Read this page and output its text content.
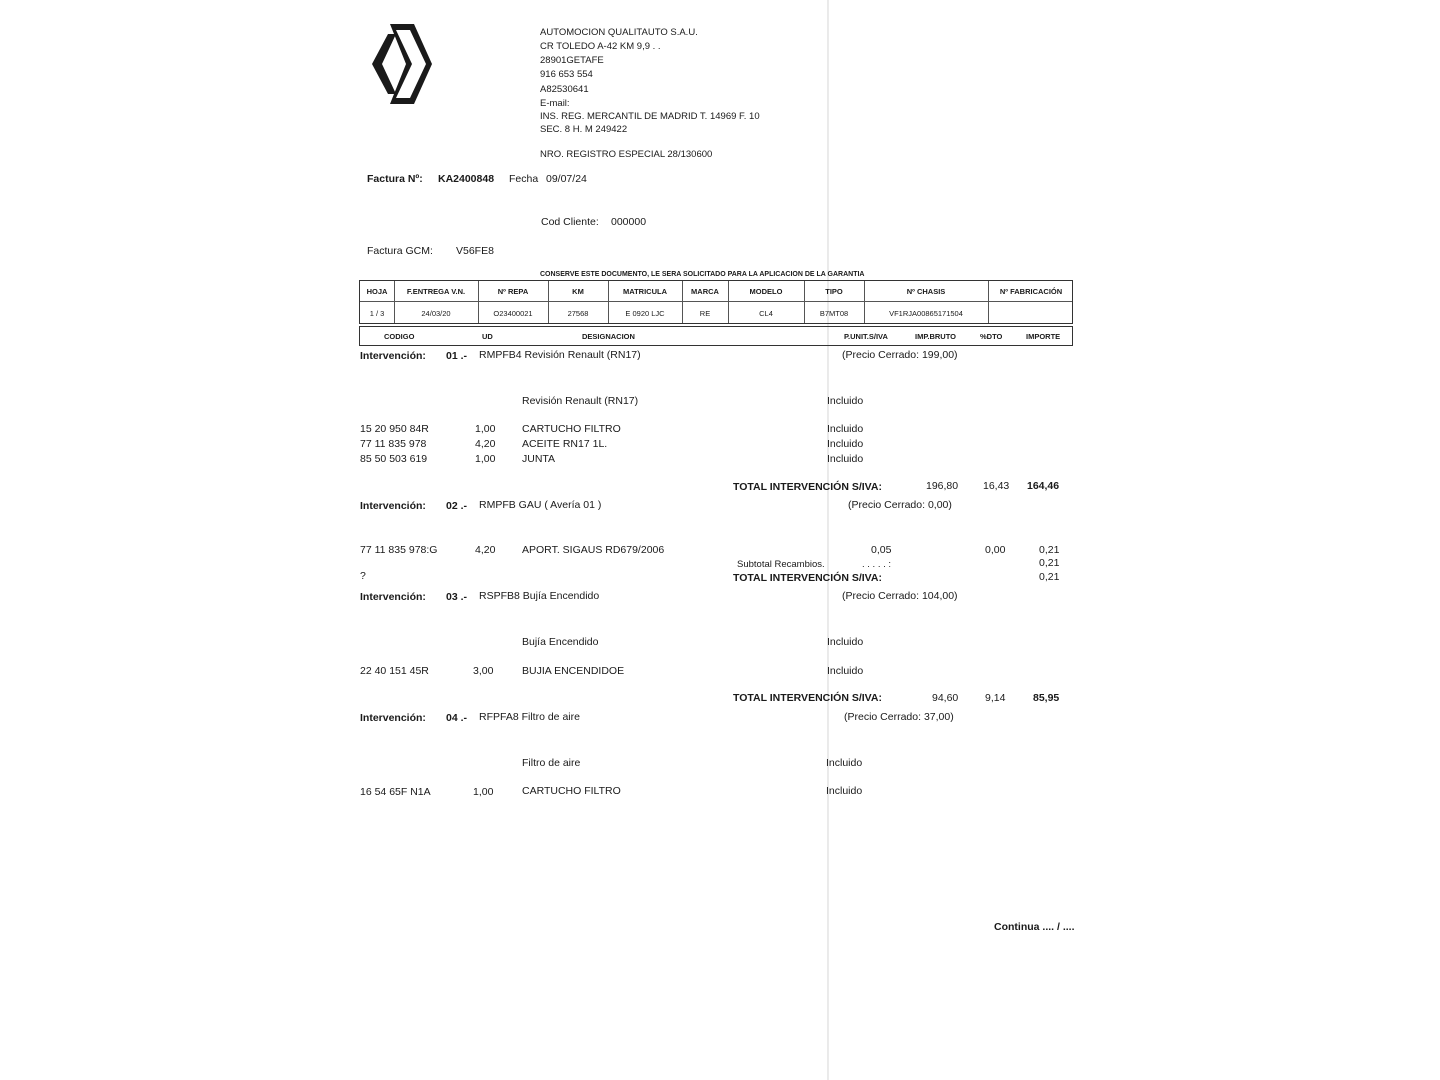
AUTOMOCION QUALITAUTO S.A.U.
CR TOLEDO A-42 KM 9,9 . .
28901GETAFE
916 653 554
A82530641
E-mail:
INS. REG. MERCANTIL DE MADRID T. 14969 F. 10
SEC. 8 H. M 249422
NRO. REGISTRO ESPECIAL 28/130600
Factura Nº: KA2400848 Fecha 09/07/24
Cod Cliente: 000000
Factura GCM: V56FE8
CONSERVE ESTE DOCUMENTO, LE SERA SOLICITADO PARA LA APLICACION DE LA GARANTIA
HOJA	F.ENTREGA V.N.	Nº REPA	KM	MATRICULA	MARCA	MODELO	TIPO	Nº CHASIS	Nº FABRICACIÓN
1 / 3	24/03/20	O23400021	27568	E 0920 LJC	RE	CL4	B7MT08	VF1RJA00865171504
CODIGO	UD	DESIGNACION	P.UNIT.S/IVA	IMP.BRUTO	%DTO	IMPORTE
Intervención: 01 .- RMPFB4 Revisión Renault (RN17)	(Precio Cerrado: 199,00)
Revisión Renault (RN17)	Incluido
15 20 950 84R	1,00	CARTUCHO FILTRO	Incluido
77 11 835 978	4,20	ACEITE RN17 1L.	Incluido
85 50 503 619	1,00	JUNTA	Incluido
TOTAL INTERVENCIÓN S/IVA:	196,80 16,43 164,46
Intervención: 02 .- RMPFB GAU ( Avería 01 )	(Precio Cerrado: 0,00)
77 11 835 978:G	4,20	APORT. SIGAUS RD679/2006	0,05	0,00	0,21
Subtotal Recambios.	. . . . . :	0,21
?	TOTAL INTERVENCIÓN S/IVA:	0,21
Intervención: 03 .- RSPFB8 Bujía Encendido	(Precio Cerrado: 104,00)
Bujía Encendido	Incluido
22 40 151 45R	3,00	BUJIA ENCENDIDOE	Incluido
TOTAL INTERVENCIÓN S/IVA:	94,60	9,14	85,95
Intervención: 04 .- RFPFA8 Filtro de aire	(Precio Cerrado: 37,00)
Filtro de aire	Incluido
16 54 65F N1A	1,00	CARTUCHO FILTRO	Incluido
Continua .... / ....
